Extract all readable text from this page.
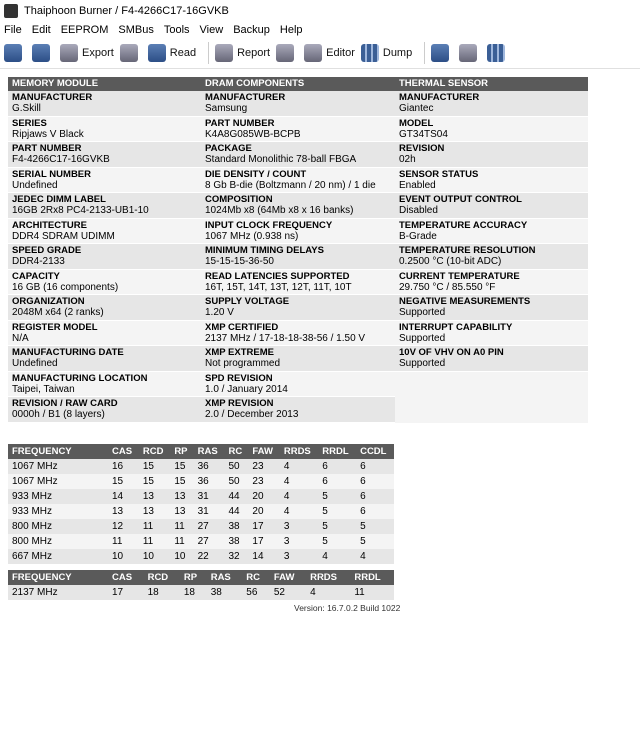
Thaiphoon Burner / F4-4266C17-16GVKB
File Edit EEPROM SMBus Tools View Backup Help
Export	Read	Report	Editor	Dump
MEMORY MODULE
MANUFACTURER
G.Skill
SERIES
Ripjaws V Black
PART NUMBER
F4-4266C17-16GVKB
SERIAL NUMBER
Undefined
JEDEC DIMM LABEL
16GB 2Rx8 PC4-2133-UB1-10
ARCHITECTURE
DDR4 SDRAM UDIMM
SPEED GRADE
DDR4-2133
CAPACITY
16 GB (16 components)
ORGANIZATION
2048M x64 (2 ranks)
REGISTER MODEL
N/A
MANUFACTURING DATE
Undefined
MANUFACTURING LOCATION
Taipei, Taiwan
REVISION / RAW CARD
0000h / B1 (8 layers)
DRAM COMPONENTS
MANUFACTURER
Samsung
PART NUMBER
K4A8G085WB-BCPB
PACKAGE
Standard Monolithic 78-ball FBGA
DIE DENSITY / COUNT
8 Gb B-die (Boltzmann / 20 nm) / 1 die
COMPOSITION
1024Mb x8 (64Mb x8 x 16 banks)
INPUT CLOCK FREQUENCY
1067 MHz (0.938 ns)
MINIMUM TIMING DELAYS
15-15-15-36-50
READ LATENCIES SUPPORTED
16T, 15T, 14T, 13T, 12T, 11T, 10T
SUPPLY VOLTAGE
1.20 V
XMP CERTIFIED
2137 MHz / 17-18-18-38-56 / 1.50 V
XMP EXTREME
Not programmed
SPD REVISION
1.0 / January 2014
XMP REVISION
2.0 / December 2013
THERMAL SENSOR
MANUFACTURER
Giantec
MODEL
GT34TS04
REVISION
02h
SENSOR STATUS
Enabled
EVENT OUTPUT CONTROL
Disabled
TEMPERATURE ACCURACY
B-Grade
TEMPERATURE RESOLUTION
0.2500 °C (10-bit ADC)
CURRENT TEMPERATURE
29.750 °C / 85.550 °F
NEGATIVE MEASUREMENTS
Supported
INTERRUPT CAPABILITY
Supported
10V OF VHV ON A0 PIN
Supported
FREQUENCY	CAS	RCD	RP	RAS	RC	FAW	RRDS	RRDL	CCDL
1067 MHz	16	15	15	36	50	23	4	6	6
1067 MHz	15	15	15	36	50	23	4	6	6
933 MHz	14	13	13	31	44	20	4	5	6
933 MHz	13	13	13	31	44	20	4	5	6
800 MHz	12	11	11	27	38	17	3	5	5
800 MHz	11	11	11	27	38	17	3	5	5
667 MHz	10	10	10	22	32	14	3	4	4
FREQUENCY	CAS	RCD	RP	RAS	RC	FAW	RRDS	RRDL
2137 MHz	17	18	18	38	56	52	4	11
Version: 16.7.0.2 Build 1022
